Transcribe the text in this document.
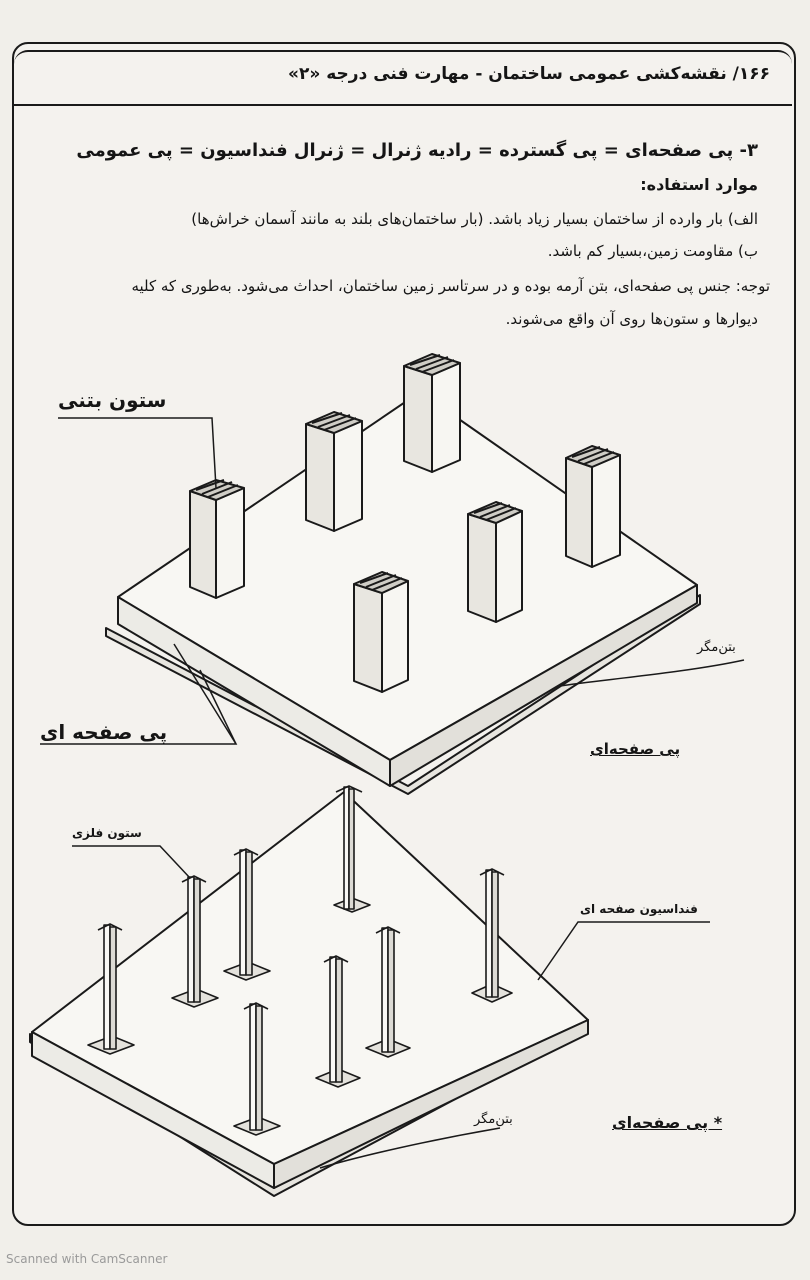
۱۶۶/ نقشه‌کشی عمومی ساختمان - مهارت فنی درجه «۲»
۳- پی صفحه‌ای = پی گسترده = رادیه ژنرال = ژنرال فنداسیون = پی عمومی
موارد استفاده:
الف) بار وارده از ساختمان بسیار زیاد باشد. (بار ساختمان‌های بلند به مانند آسمان خراش‌ها)
ب) مقاومت زمین،بسیار کم باشد.
توجه: جنس پی صفحه‌ای، بتن آرمه بوده و در سرتاسر زمین ساختمان، احداث می‌شود. به‌طوری که کلیه
دیوارها و ستون‌ها روی آن واقع می‌شوند.
ستون بتنی
پی صفحه ای
بتن‌مگر
پی صفحه‌ای
ستون فلزی
فنداسیون صفحه ای
بتن‌مگر	* پی صفحه‌ای
Scanned with CamScanner
